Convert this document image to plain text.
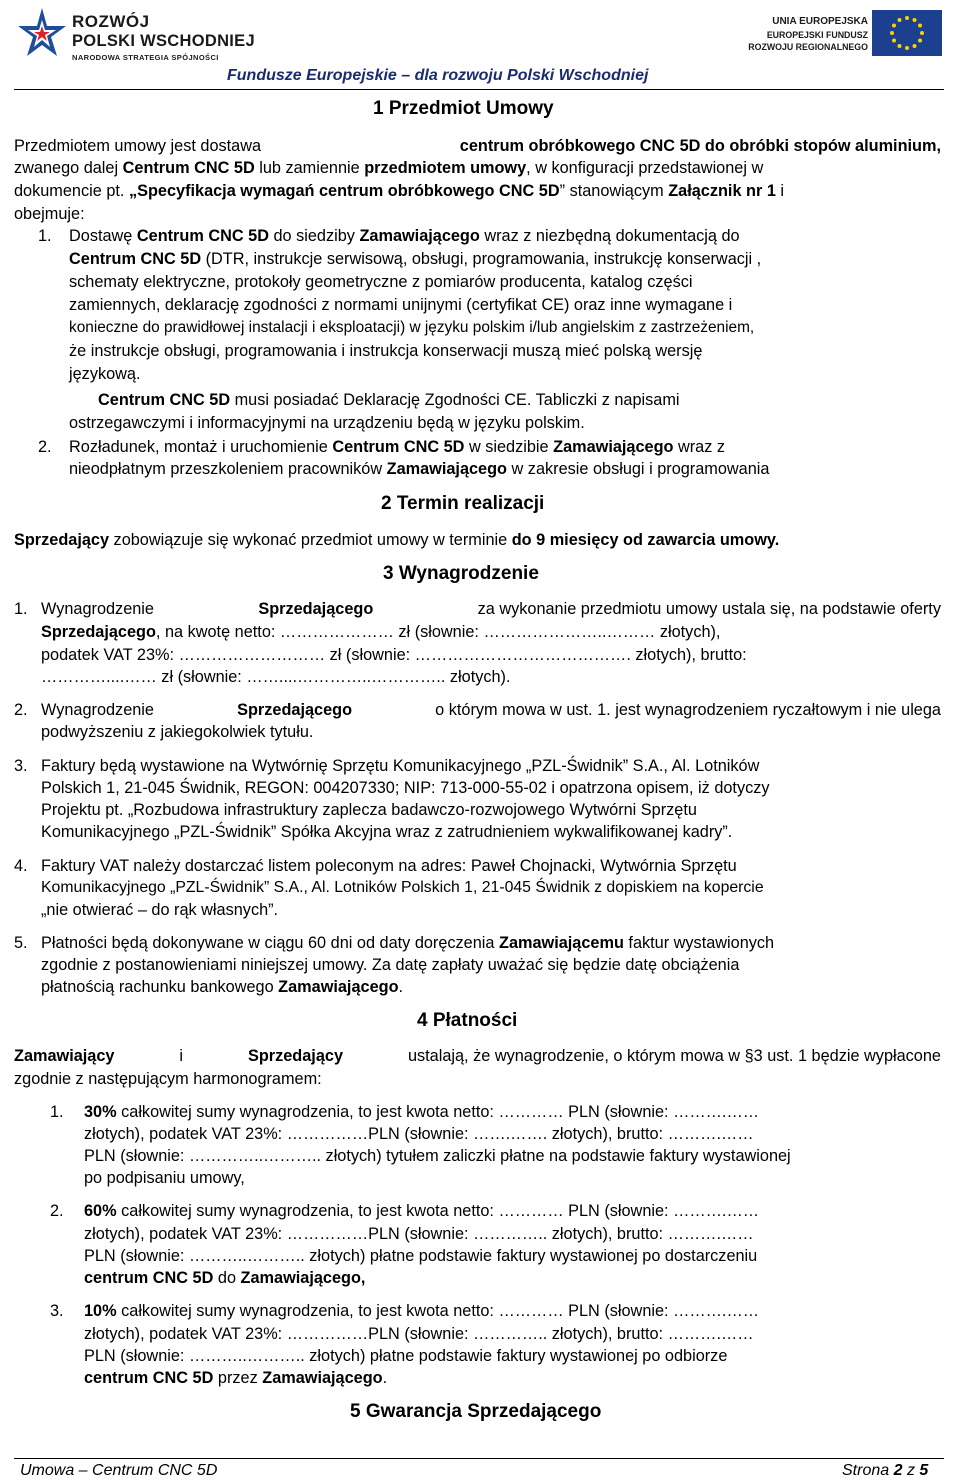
ROZWÓJ
POLSKI WSCHODNIEJ
NARODOWA STRATEGIA SPÓJNOŚCI
UNIA EUROPEJSKA
EUROPEJSKI FUNDUSZ
ROZWOJU REGIONALNEGO
Fundusze Europejskie – dla rozwoju Polski Wschodniej
1 Przedmiot Umowy
Przedmiotem umowy jest dostawa	centrum obróbkowego CNC 5D do obróbki stopów aluminium,
zwanego dalej Centrum CNC 5D lub zamiennie przedmiotem umowy, w konfiguracji przedstawionej w
dokumencie pt. „Specyfikacja wymagań centrum obróbkowego CNC 5D” stanowiącym Załącznik nr 1 i
obejmuje:
1. Dostawę Centrum CNC 5D do siedziby Zamawiającego wraz z niezbędną dokumentacją do
Centrum CNC 5D (DTR, instrukcje serwisową, obsługi, programowania, instrukcję konserwacji ,
schematy elektryczne, protokoły geometryczne z pomiarów producenta, katalog części
zamiennych, deklarację zgodności z normami unijnymi (certyfikat CE) oraz inne wymagane i
konieczne do prawidłowej instalacji i eksploatacji) w języku polskim i/lub angielskim z zastrzeżeniem,
że instrukcje obsługi, programowania i instrukcja konserwacji muszą mieć polską wersję
językową.
Centrum CNC 5D musi posiadać Deklarację Zgodności CE. Tabliczki z napisami
ostrzegawczymi i informacyjnymi na urządzeniu będą w języku polskim.
2. Rozładunek, montaż i uruchomienie Centrum CNC 5D w siedzibie Zamawiającego wraz z
nieodpłatnym przeszkoleniem pracowników Zamawiającego w zakresie obsługi i programowania
2 Termin realizacji
Sprzedający zobowiązuje się wykonać przedmiot umowy w terminie do 9 miesięcy od zawarcia umowy.
3 Wynagrodzenie
1. Wynagrodzenie	Sprzedającego	za wykonanie przedmiotu umowy ustala się, na podstawie oferty
Sprzedającego, na kwotę netto: ………………… zł (słownie: …………………..……… złotych),
podatek VAT 23%: ……………………… zł (słownie: …………………………………. złotych), brutto:
…………....…… zł (słownie: ……....…………..………….. złotych).
2. Wynagrodzenie	Sprzedającego	o którym mowa w ust. 1. jest wynagrodzeniem ryczałtowym i nie ulega
podwyższeniu z jakiegokolwiek tytułu.
3. Faktury będą wystawione na Wytwórnię Sprzętu Komunikacyjnego „PZL-Świdnik” S.A., Al. Lotników
Polskich 1, 21-045 Świdnik, REGON: 004207330; NIP: 713-000-55-02 i opatrzona opisem, iż dotyczy
Projektu pt. „Rozbudowa infrastruktury zaplecza badawczo-rozwojowego Wytwórni Sprzętu
Komunikacyjnego „PZL-Świdnik” Spółka Akcyjna wraz z zatrudnieniem wykwalifikowanej kadry”.
4. Faktury VAT należy dostarczać listem poleconym na adres: Paweł Chojnacki, Wytwórnia Sprzętu
Komunikacyjnego „PZL-Świdnik” S.A., Al. Lotników Polskich 1, 21-045 Świdnik z dopiskiem na kopercie
„nie otwierać – do rąk własnych”.
5. Płatności będą dokonywane w ciągu 60 dni od daty doręczenia Zamawiającemu faktur wystawionych
zgodnie z postanowieniami niniejszej umowy. Za datę zapłaty uważać się będzie datę obciążenia
płatnością rachunku bankowego Zamawiającego.
4 Płatności
Zamawiający	i	Sprzedający	ustalają, że wynagrodzenie, o którym mowa w §3 ust. 1 będzie wypłacone
zgodnie z następującym harmonogramem:
1. 30% całkowitej sumy wynagrodzenia, to jest kwota netto: ………… PLN (słownie: ……….……
złotych), podatek VAT 23%: ……………PLN (słownie: …….……. złotych), brutto: ……….……
PLN (słownie: …………..……….. złotych) tytułem zaliczki płatne na podstawie faktury wystawionej
po podpisaniu umowy,
2. 60% całkowitej sumy wynagrodzenia, to jest kwota netto: ………… PLN (słownie: ……….……
złotych), podatek VAT 23%: ……………PLN (słownie: ………….. złotych), brutto: ……….……
PLN (słownie: ………..……….. złotych) płatne podstawie faktury wystawionej po dostarczeniu
centrum CNC 5D do Zamawiającego,
3. 10% całkowitej sumy wynagrodzenia, to jest kwota netto: ………… PLN (słownie: ……….……
złotych), podatek VAT 23%: ……………PLN (słownie: ………….. złotych), brutto: ……….……
PLN (słownie: ………..……….. złotych) płatne podstawie faktury wystawionej po odbiorze
centrum CNC 5D przez Zamawiającego.
5 Gwarancja Sprzedającego
Umowa – Centrum CNC 5D	Strona 2 z 5
